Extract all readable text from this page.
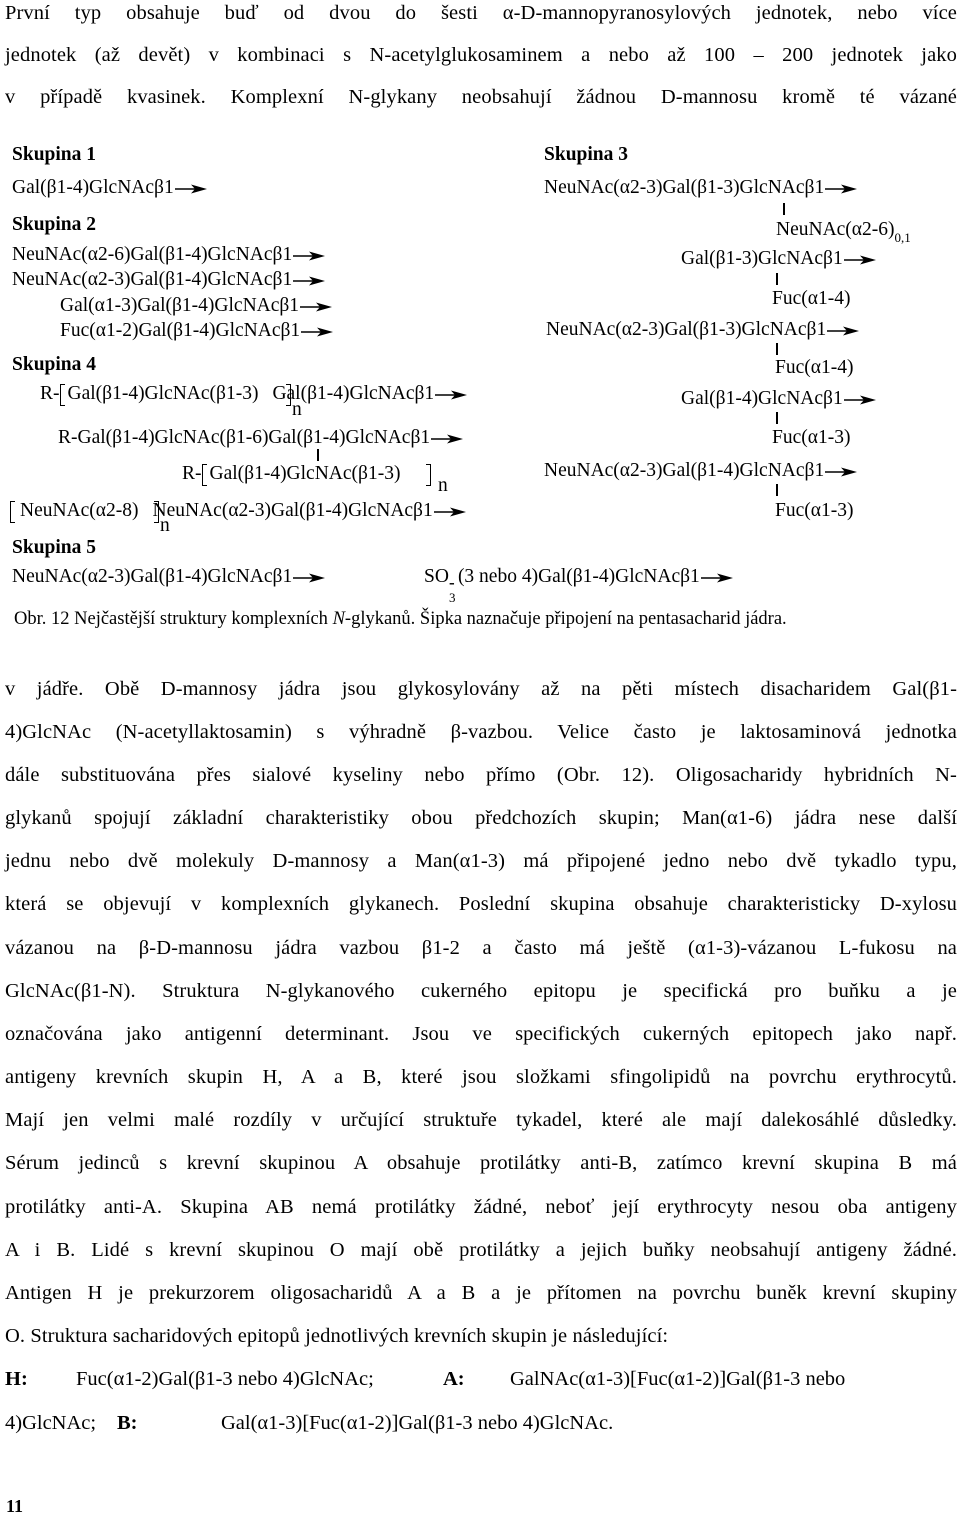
První typ obsahuje buď od dvou do šesti α-D-mannopyranosylových jednotek, nebo více
jednotek (až devět) v kombinaci s N-acetylglukosaminem a nebo až 100 – 200 jednotek jako
v případě kvasinek. Komplexní N-glykany neobsahují žádnou D-mannosu kromě té vázané
Skupina 1
Gal(β1-4)GlcNAcβ1
Skupina 2
NeuNAc(α2-6)Gal(β1-4)GlcNAcβ1
NeuNAc(α2-3)Gal(β1-4)GlcNAcβ1
Gal(α1-3)Gal(β1-4)GlcNAcβ1
Fuc(α1-2)Gal(β1-4)GlcNAcβ1
Skupina 4
R- Gal(β1-4)GlcNAc(β1-3) Gal(β1-4)GlcNAcβ1
n
R-Gal(β1-4)GlcNAc(β1-6)Gal(β1-4)GlcNAcβ1
R- Gal(β1-4)GlcNAc(β1-3)
n
NeuNAc(α2-8) NeuNAc(α2-3)Gal(β1-4)GlcNAcβ1
n
Skupina 5
NeuNAc(α2-3)Gal(β1-4)GlcNAcβ1	SO -
3
(3 nebo 4)Gal(β1-4)GlcNAcβ1
Skupina 3
NeuNAc(α2-3)Gal(β1-3)GlcNAcβ1
$NeuNAc(\alpha 2-6)_{0,1}$
Gal(β1-3)GlcNAcβ1
Fuc(α1-4)
NeuNAc(α2-3)Gal(β1-3)GlcNAcβ1
Fuc(α1-4)
Gal(β1-4)GlcNAcβ1
Fuc(α1-3)
NeuNAc(α2-3)Gal(β1-4)GlcNAcβ1
Fuc(α1-3)
Obr. 12 Nejčastější struktury komplexních N-glykanů. Šipka naznačuje připojení na pentasacharid jádra.
v jádře. Obě D-mannosy jádra jsou glykosylovány až na pěti místech disacharidem Gal(β1-
4)GlcNAc (N-acetyllaktosamin) s výhradně β-vazbou. Velice často je laktosaminová jednotka
dále substituována přes sialové kyseliny nebo přímo (Obr. 12). Oligosacharidy hybridních N-
glykanů spojují základní charakteristiky obou předchozích skupin; Man(α1-6) jádra nese další
jednu nebo dvě molekuly D-mannosy a Man(α1-3) má připojené jedno nebo dvě tykadlo typu,
která se objevují v komplexních glykanech. Poslední skupina obsahuje charakteristicky D-xylosu
vázanou na β-D-mannosu jádra vazbou β1-2 a často má ještě (α1-3)-vázanou L-fukosu na
GlcNAc(β1-N). Struktura N-glykanového cukerného epitopu je specifická pro buňku a je
označována jako antigenní determinant. Jsou ve specifických cukerných epitopech jako např.
antigeny krevních skupin H, A a B, které jsou složkami sfingolipidů na povrchu erythrocytů.
Mají jen velmi malé rozdíly v určující struktuře tykadel, které ale mají dalekosáhlé důsledky.
Sérum jedinců s krevní skupinou A obsahuje protilátky anti-B, zatímco krevní skupina B má
protilátky anti-A. Skupina AB nemá protilátky žádné, neboť její erythrocyty nesou oba antigeny
A i B. Lidé s krevní skupinou O mají obě protilátky a jejich buňky neobsahují antigeny žádné.
Antigen H je prekurzorem oligosacharidů A a B a je přítomen na povrchu buněk krevní skupiny
O. Struktura sacharidových epitopů jednotlivých krevních skupin je následující:
H: Fuc(α1-2)Gal(β1-3 nebo 4)GlcNAc;	A: GalNAc(α1-3)[Fuc(α1-2)]Gal(β1-3 nebo
4)GlcNAc; B:	Gal(α1-3)[Fuc(α1-2)]Gal(β1-3 nebo 4)GlcNAc.
11
